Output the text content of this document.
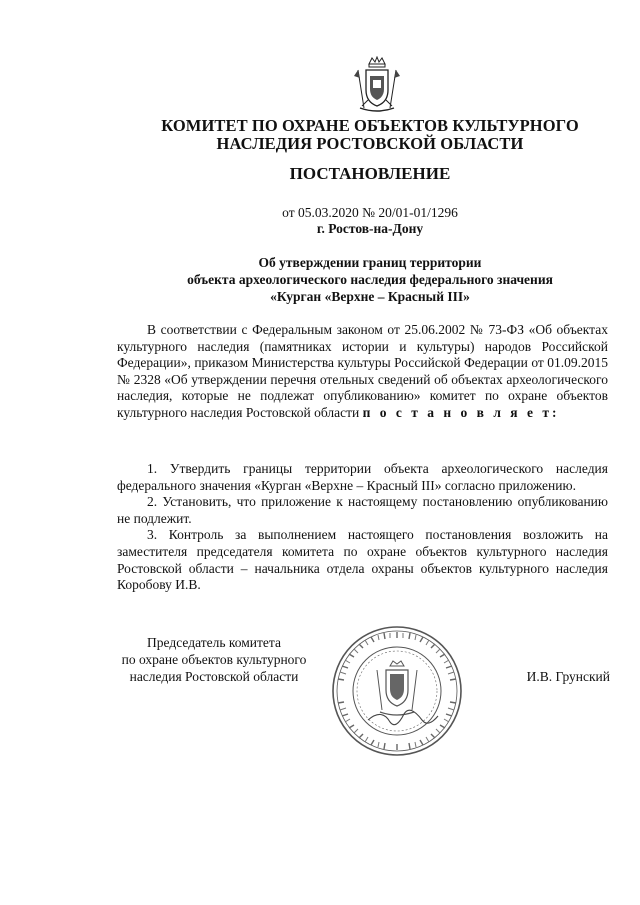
КОМИТЕТ ПО ОХРАНЕ ОБЪЕКТОВ КУЛЬТУРНОГО
НАСЛЕДИЯ РОСТОВСКОЙ ОБЛАСТИ
ПОСТАНОВЛЕНИЕ
от 05.03.2020 № 20/01-01/1296
г. Ростов-на-Дону
Об утверждении границ территории
объекта археологического наследия федерального значения
«Курган «Верхне – Красный III»
В соответствии с Федеральным законом от 25.06.2002 № 73-ФЗ «Об объектах культурного наследия (памятниках истории и культуры) народов Российской Федерации», приказом Министерства культуры Российской Федерации от 01.09.2015 № 2328 «Об утверждении перечня отельных сведений об объектах археологического наследия, которые не подлежат опубликованию» комитет по охране объектов культурного наследия Ростовской области п о с т а н о в л я е т:
1. Утвердить границы территории объекта археологического наследия федерального значения «Курган «Верхне – Красный III» согласно приложению.
2. Установить, что приложение к настоящему постановлению опубликованию не подлежит.
3. Контроль за выполнением настоящего постановления возложить на заместителя председателя комитета по охране объектов культурного наследия Ростовской области – начальника отдела охраны объектов культурного наследия Коробову И.В.
Председатель комитета
по охране объектов культурного
наследия Ростовской области	И.В. Грунский
